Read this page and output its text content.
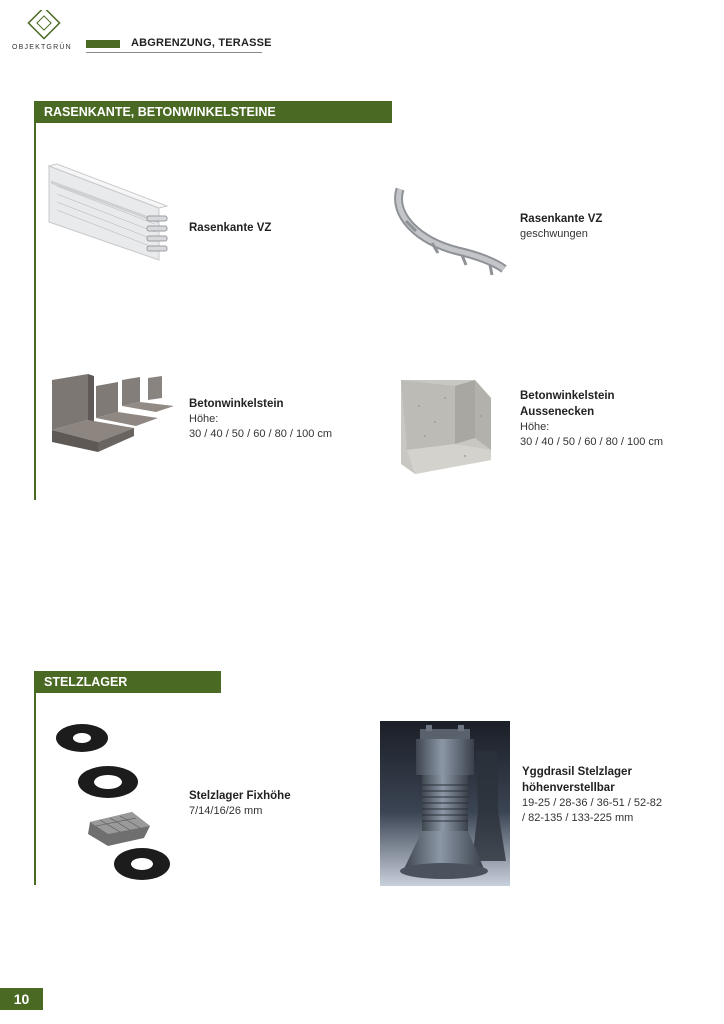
OBJEKTGRÜN	ABGRENZUNG, TERASSE
RASENKANTE, BETONWINKELSTEINE
Rasenkante VZ
Rasenkante VZ
geschwungen
Betonwinkelstein
Höhe:
30 / 40 / 50 / 60 / 80 / 100 cm
Betonwinkelstein
Aussenecken
Höhe:
30 / 40 / 50 / 60 / 80 / 100 cm
STELZLAGER
Stelzlager Fixhöhe
7/14/16/26 mm
Yggdrasil Stelzlager
höhenverstellbar
19-25 / 28-36 / 36-51 / 52-82
/ 82-135 / 133-225 mm
10
